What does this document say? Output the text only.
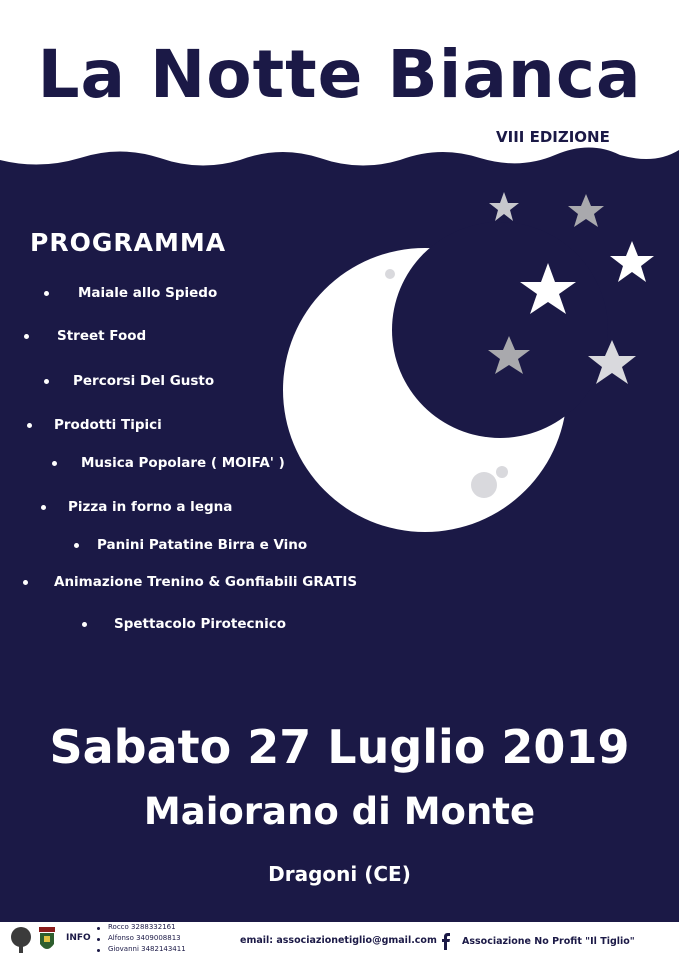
La Notte Bianca
VIII EDIZIONE
PROGRAMMA
Maiale allo Spiedo
Street Food
Percorsi Del Gusto
Prodotti Tipici
Musica Popolare ( MOIFA' )
Pizza in forno a legna
Panini Patatine Birra e Vino
Animazione Trenino & Gonfiabili GRATIS
Spettacolo Pirotecnico
Sabato 27 Luglio 2019
Maiorano di Monte
Dragoni (CE)
INFO
Rocco 3288332161
Alfonso 3409008813
Giovanni 3482143411
email: associazionetiglio@gmail.com	Associazione No Profit "Il Tiglio"
